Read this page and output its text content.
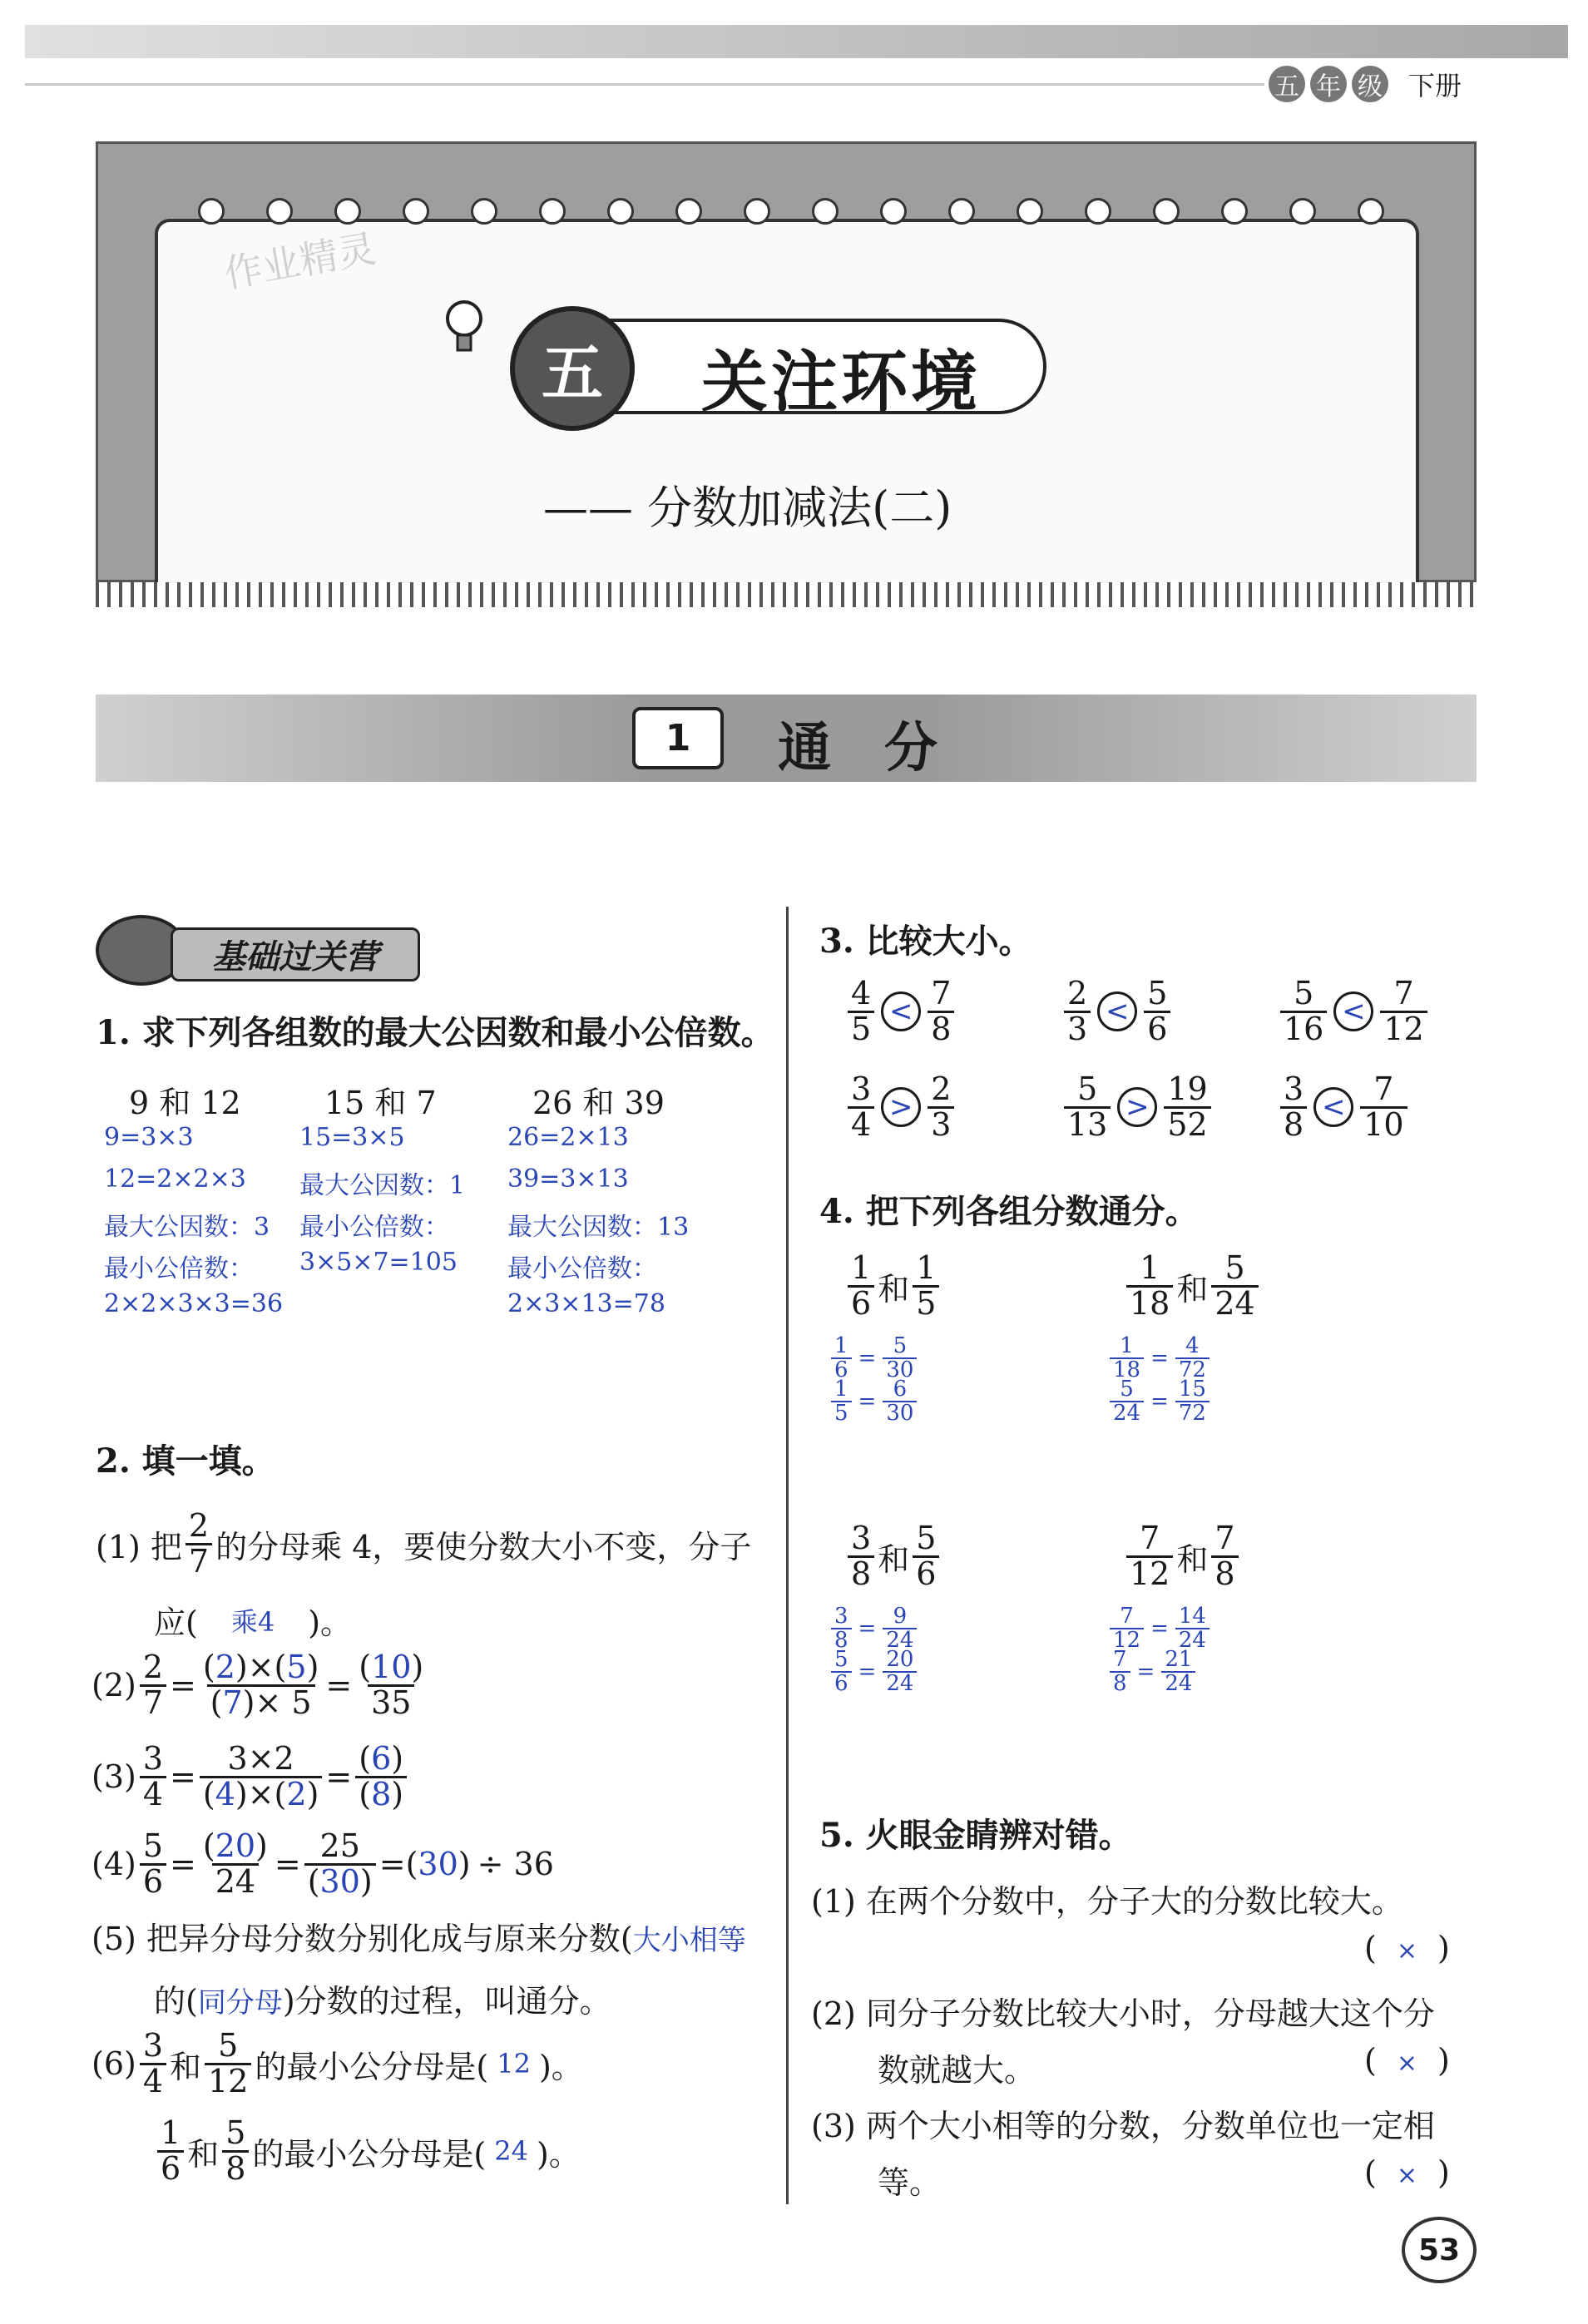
五 年 级 下册
作业精灵
五 关注环境
—— 分数加减法(二)
1 通　分
基础过关营
1. 求下列各组数的最大公因数和最小公倍数。
9 和 12
9=3×3
12=2×2×3
最大公因数：3
最小公倍数：
2×2×3×3=36
15 和 7
15=3×5
最大公因数：1
最小公倍数：
3×5×7=105
26 和 39
26=2×13
39=3×13
最大公因数：13
最小公倍数：
2×3×13=78
2. 填一填。
(1) 把 $\frac{2}{7}$ 的分母乘 4，要使分数大小不变，分子
应( 乘4 )。
$(2) \frac{2}{7} = \frac{(2)\times(5)}{(7)\times 5} = \frac{(10)}{35}$
$(3) \frac{3}{4} = \frac{3\times 2}{(4)\times(2)} = \frac{(6)}{(8)}$
$(4) \frac{5}{6} = \frac{(20)}{24} = \frac{25}{(30)} = (30) \div 36$
(5) 把异分母分数分别化成与原来分数(大小相等
的(同分母)分数的过程，叫通分。
$(6) \frac{3}{4}$ 和 $\frac{5}{12}$ 的最小公分母是( 12 )。
$\frac{1}{6}$ 和 $\frac{5}{8}$ 的最小公分母是( 24 )。
3. 比较大小。
$\frac{4}{5} < \frac{7}{8}$	$\frac{2}{3} < \frac{5}{6}$	$\frac{5}{16} < \frac{7}{12}$
$\frac{3}{4} > \frac{2}{3}$	$\frac{5}{13} > \frac{19}{52} \frac{3}{8} < \frac{7}{10}$
4. 把下列各组分数通分。
$\frac{1}{6}$ 和 $\frac{1}{5}$
$\frac{1}{6} = \frac{5}{30}$
$\frac{1}{5} = \frac{6}{30}$
$\frac{1}{18}$ 和 $\frac{5}{24}$
$\frac{1}{18} = \frac{4}{72}$
$\frac{5}{24} = \frac{15}{72}$
$\frac{3}{8}$ 和 $\frac{5}{6}$
$\frac{3}{8} = \frac{9}{24}$
$\frac{5}{6} = \frac{20}{24}$
$\frac{7}{12}$ 和 $\frac{7}{8}$
$\frac{7}{12} = \frac{14}{24}$
$\frac{7}{8} = \frac{21}{24}$
5. 火眼金睛辨对错。
(1) 在两个分数中，分子大的分数比较大。
( × )
(2) 同分子分数比较大小时，分母越大这个分
数就越大。	( × )
(3) 两个大小相等的分数，分数单位也一定相
等。	( × )
53
